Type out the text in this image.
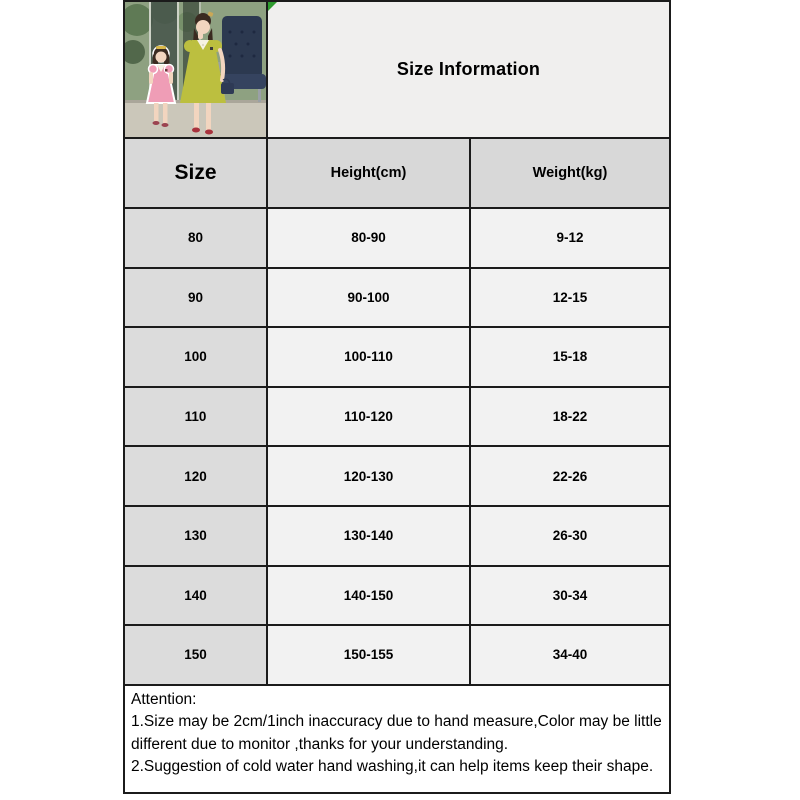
Size Information
Size	Height(cm)	Weight(kg)
80	80-90	9-12
90	90-100	12-15
100	100-110	15-18
110	110-120	18-22
120	120-130	22-26
130	130-140	26-30
140	140-150	30-34
150	150-155	34-40
Attention:
1.Size may be 2cm/1inch inaccuracy due to hand measure,Color may be little different due to monitor ,thanks for your understanding.
2.Suggestion of cold water hand washing,it can help items keep their shape.
